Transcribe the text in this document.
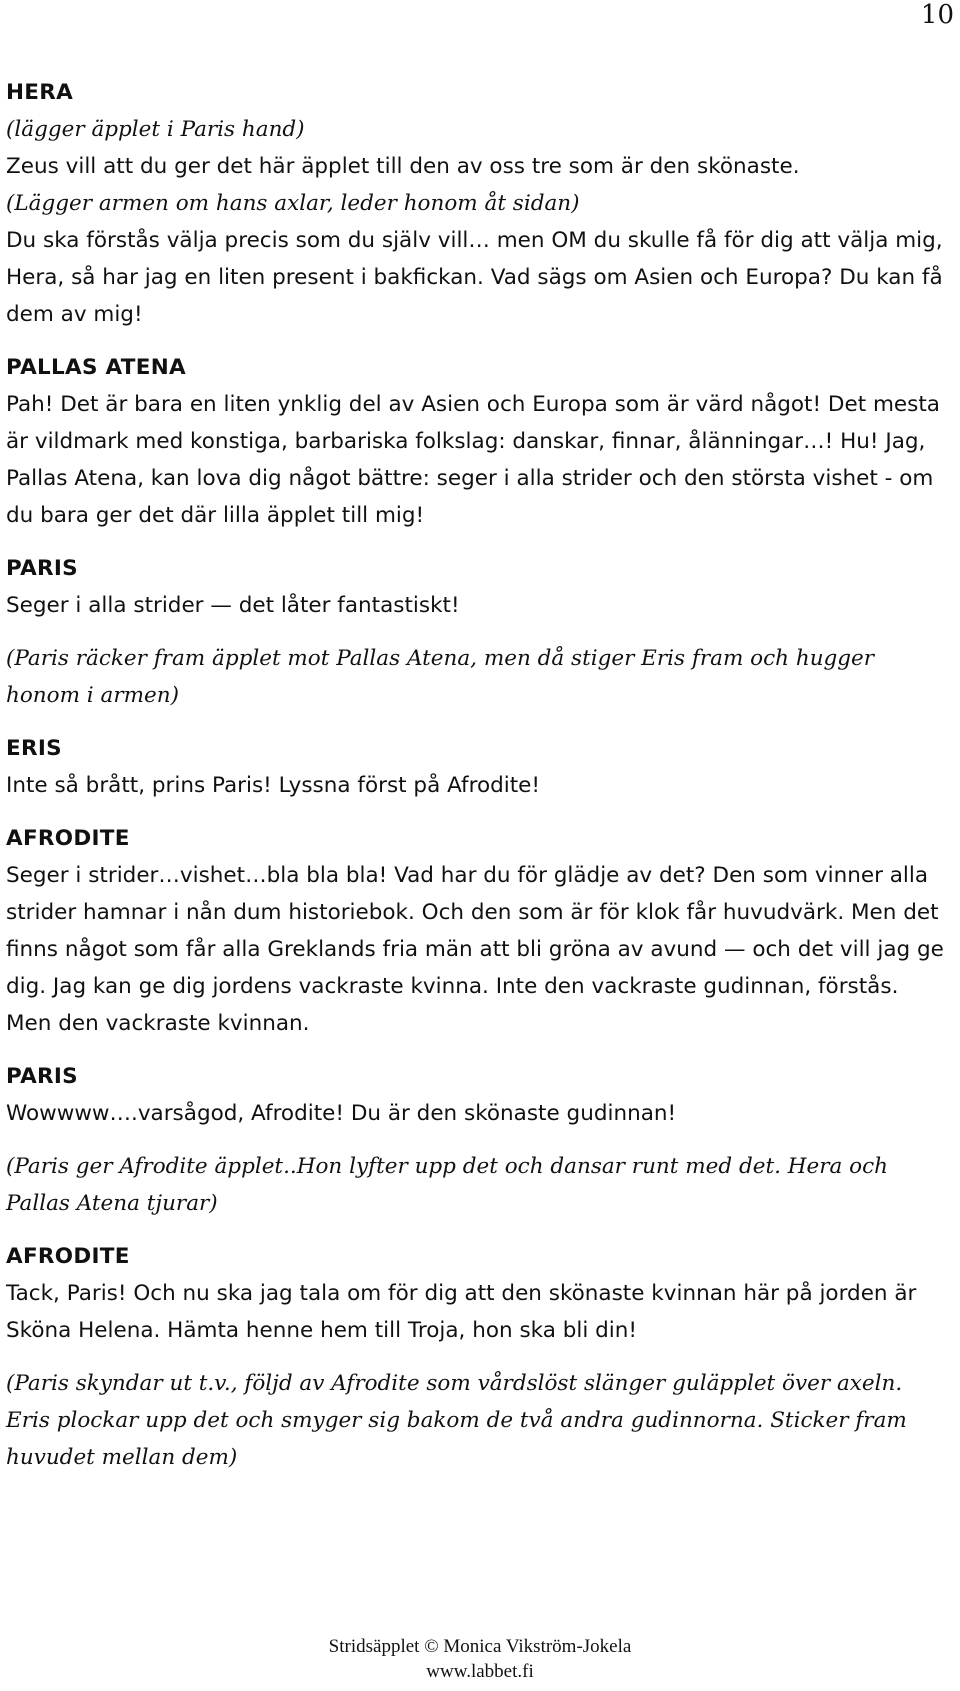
10
HERA
(lägger äpplet i Paris hand)
Zeus vill att du ger det här äpplet till den av oss tre som är den skönaste.
(Lägger armen om hans axlar, leder honom åt sidan)
Du ska förstås välja precis som du själv vill… men OM du skulle få för dig att välja mig, Hera, så har jag en liten present i bakfickan. Vad sägs om Asien och Europa? Du kan få dem av mig!
PALLAS ATENA
Pah! Det är bara en liten ynklig del av Asien och Europa som är värd något! Det mesta är vildmark med konstiga, barbariska folkslag: danskar, finnar, ålänningar…! Hu! Jag, Pallas Atena, kan lova dig något bättre: seger i alla strider och den största vishet - om du bara ger det där lilla äpplet till mig!
PARIS
Seger i alla strider — det låter fantastiskt!
(Paris räcker fram äpplet mot Pallas Atena, men då stiger Eris fram och hugger honom i armen)
ERIS
Inte så brått, prins Paris! Lyssna först på Afrodite!
AFRODITE
Seger i strider…vishet…bla bla bla! Vad har du för glädje av det? Den som vinner alla strider hamnar i nån dum historiebok. Och den som är för klok får huvudvärk. Men det finns något som får alla Greklands fria män att bli gröna av avund — och det vill jag ge dig. Jag kan ge dig jordens vackraste kvinna. Inte den vackraste gudinnan, förstås. Men den vackraste kvinnan.
PARIS
Wowwww….varsågod, Afrodite! Du är den skönaste gudinnan!
(Paris ger Afrodite äpplet..Hon lyfter upp det och dansar runt med det. Hera och Pallas Atena tjurar)
AFRODITE
Tack, Paris! Och nu ska jag tala om för dig att den skönaste kvinnan här på jorden är Sköna Helena. Hämta henne hem till Troja, hon ska bli din!
(Paris skyndar ut t.v., följd av Afrodite som vårdslöst slänger guläpplet över axeln. Eris plockar upp det och smyger sig bakom de två andra gudinnorna. Sticker fram huvudet mellan dem)
Stridsäpplet © Monica Vikström-Jokela
www.labbet.fi
